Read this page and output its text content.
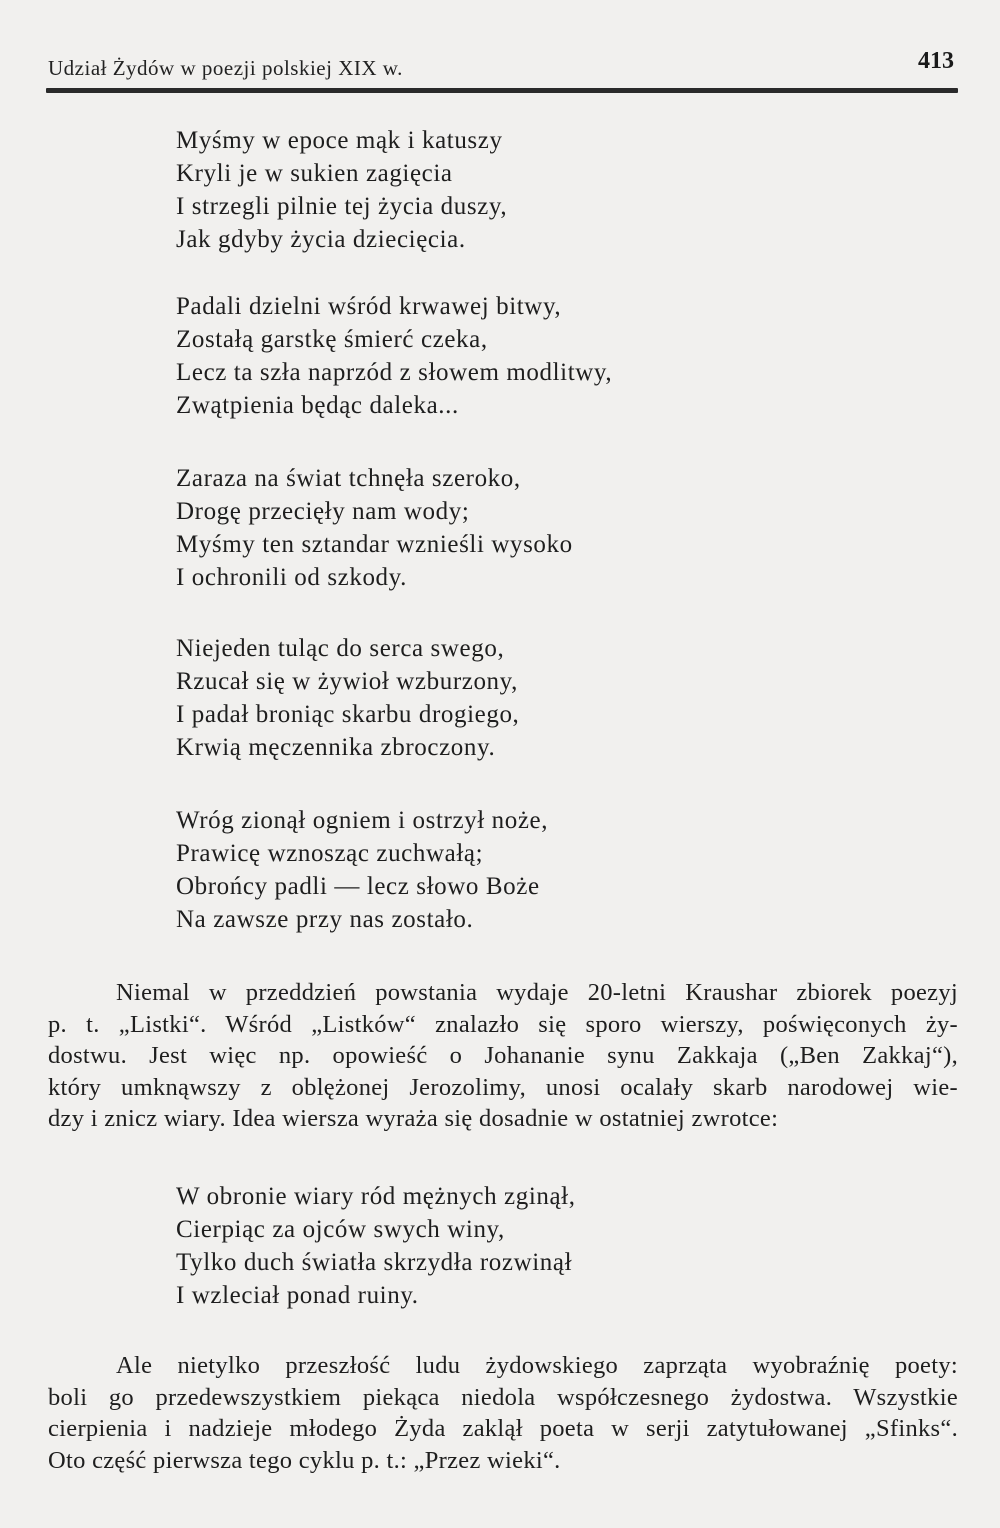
Udział Żydów w poezji polskiej XIX w.	413
Myśmy w epoce mąk i katuszy
Kryli je w sukien zagięcia
I strzegli pilnie tej życia duszy,
Jak gdyby życia dziecięcia.
Padali dzielni wśród krwawej bitwy,
Zostałą garstkę śmierć czeka,
Lecz ta szła naprzód z słowem modlitwy,
Zwątpienia będąc daleka...
Zaraza na świat tchnęła szeroko,
Drogę przecięły nam wody;
Myśmy ten sztandar wznieśli wysoko
I ochronili od szkody.
Niejeden tuląc do serca swego,
Rzucał się w żywioł wzburzony,
I padał broniąc skarbu drogiego,
Krwią męczennika zbroczony.
Wróg zionął ogniem i ostrzył noże,
Prawicę wznosząc zuchwałą;
Obrońcy padli — lecz słowo Boże
Na zawsze przy nas zostało.
Niemal w przeddzień powstania wydaje 20-letni Kraushar zbiorek poezyj
p. t. „Listki“. Wśród „Listków“ znalazło się sporo wierszy, poświęconych ży-
dostwu. Jest więc np. opowieść o Johananie synu Zakkaja („Ben Zakkaj“),
który umknąwszy z oblężonej Jerozolimy, unosi ocalały skarb narodowej wie-
dzy i znicz wiary. Idea wiersza wyraża się dosadnie w ostatniej zwrotce:
W obronie wiary ród mężnych zginął,
Cierpiąc za ojców swych winy,
Tylko duch światła skrzydła rozwinął
I wzleciał ponad ruiny.
Ale nietylko przeszłość ludu żydowskiego zaprząta wyobraźnię poety:
boli go przedewszystkiem piekąca niedola współczesnego żydostwa. Wszystkie
cierpienia i nadzieje młodego Żyda zaklął poeta w serji zatytułowanej „Sfinks“.
Oto część pierwsza tego cyklu p. t.: „Przez wieki“.
